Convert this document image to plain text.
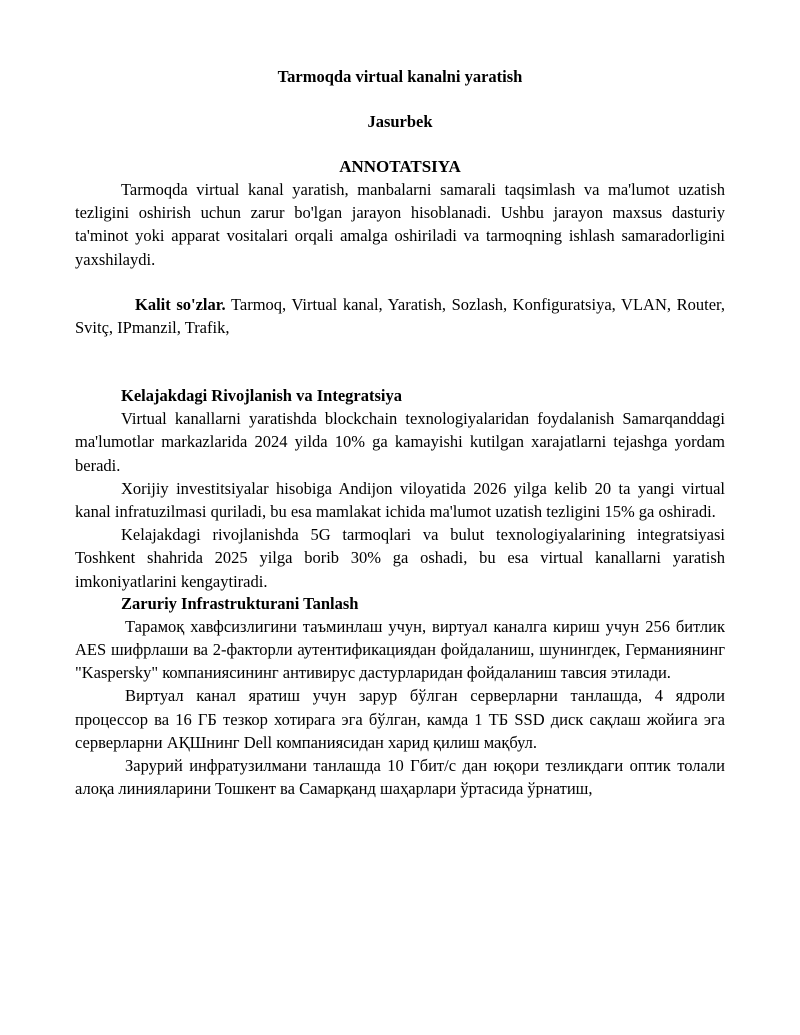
Tarmoqda virtual kanalni yaratish
Jasurbek
ANNOTATSIYA

Tarmoqda virtual kanal yaratish, manbalarni samarali taqsimlash va ma'lumot uzatish tezligini oshirish uchun zarur bo'lgan jarayon hisoblanadi. Ushbu jarayon maxsus dasturiy ta'minot yoki apparat vositalari orqali amalga oshiriladi va tarmoqning ishlash samaradorligini yaxshilaydi.

Kalit so'zlar. Tarmoq, Virtual kanal, Yaratish, Sozlash, Konfiguratsiya, VLAN, Router, Svitç, IPmanzil, Trafik,

Kelajakdagi Rivojlanish va Integratsiya

Virtual kanallarni yaratishda blockchain texnologiyalaridan foydalanish Samarqanddagi ma'lumotlar markazlarida 2024 yilda 10% ga kamayishi kutilgan xarajatlarni tejashga yordam beradi.

Xorijiy investitsiyalar hisobiga Andijon viloyatida 2026 yilga kelib 20 ta yangi virtual kanal infratuzilmasi quriladi, bu esa mamlakat ichida ma'lumot uzatish tezligini 15% ga oshiradi.

Kelajakdagi rivojlanishda 5G tarmoqlari va bulut texnologiyalarining integratsiyasi Toshkent shahrida 2025 yilga borib 30% ga oshadi, bu esa virtual kanallarni yaratish imkoniyatlarini kengaytiradi.

Zaruriy Infrastrukturani Tanlash

Тарамоқ хавфсизлигини таъминлаш учун, виртуал каналга кириш учун 256 битлик AES шифрлаши ва 2-факторли аутентификациядан фойдаланиш, шунингдек, Германиянинг "Kaspersky" компаниясининг антивирус дастурларидан фойдаланиш тавсия этилади.

Виртуал канал яратиш учун зарур бўлган серверларни танлашда, 4 ядроли процессор ва 16 ГБ тезкор хотирага эга бўлган, камда 1 ТБ SSD диск сақлаш жойига эга серверларни АҚШнинг Dell компаниясидан харид қилиш мақбул.

Зарурий инфратузилмани танлашда 10 Гбит/с дан юқори тезликдаги оптик толали алоқа линияларини Тошкент ва Самарқанд шаҳарлари ўртасида ўрнатиш,
